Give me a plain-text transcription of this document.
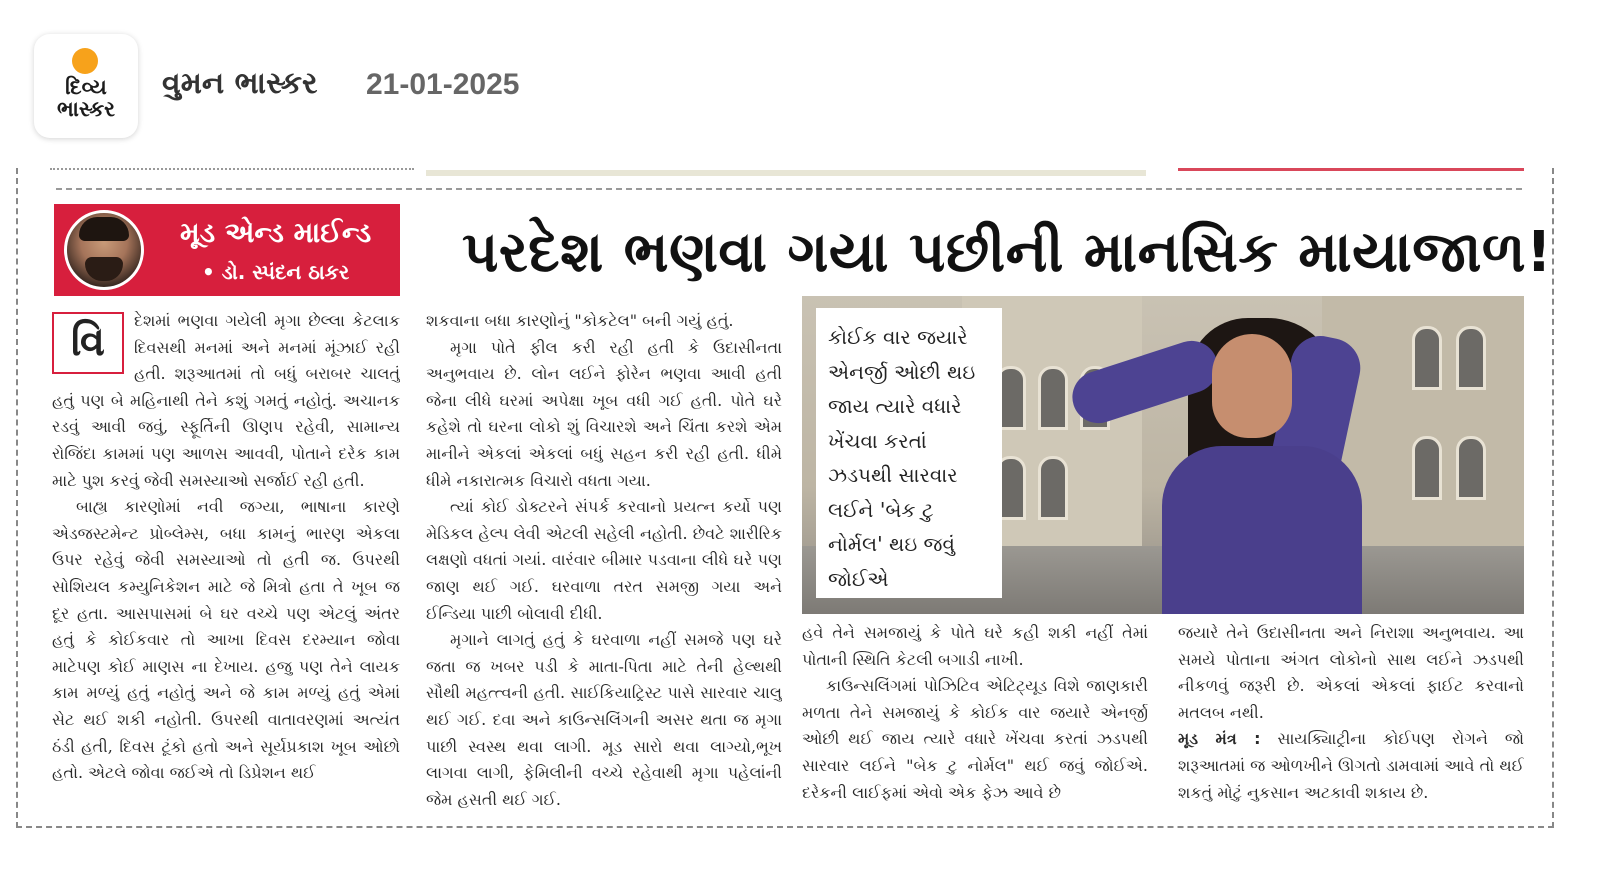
દિવ્ય
ભાસ્કર
વુમન ભાસ્કર 21-01-2025
મૂડ એન્ડ માઈન્ડ
• ડો. સ્પંદન ઠાકર પરદેશ ભણવા ગયા પછીની માનસિક માયાજાળ!
વિ	દેશમાં ભણવા ગયેલી મૃગા છેલ્લા કેટલાક દિવસથી મનમાં અને મનમાં મૂંઝાઈ રહી હતી. શરૂઆતમાં તો બધું બરાબર ચાલતું હતું પણ બે મહિનાથી તેને કશું ગમતું નહોતું. અચાનક રડવું આવી જવું, સ્ફૂર્તિની ઊણપ રહેવી, સામાન્ય રોજિંદા કામમાં પણ આળસ આવવી, પોતાને દરેક કામ માટે પુશ કરવું જેવી સમસ્યાઓ સર્જાઈ રહી હતી.

બાહ્ય કારણોમાં નવી જગ્યા, ભાષાના કારણે એડજસ્ટમેન્ટ પ્રોબ્લેમ્સ, બધા કામનું ભારણ એકલા ઉપર રહેવું જેવી સમસ્યાઓ તો હતી જ. ઉપરથી સોશિયલ કમ્યુનિકેશન માટે જે મિત્રો હતા તે ખૂબ જ દૂર હતા. આસપાસમાં બે ઘર વચ્ચે પણ એટલું અંતર હતું કે કોઈકવાર તો આખા દિવસ દરમ્યાન જોવા માટેપણ કોઈ માણસ ના દેખાય. હજુ પણ તેને લાયક કામ મળ્યું હતું નહોતું અને જે કામ મળ્યું હતું એમાં સેટ થઈ શકી નહોતી. ઉપરથી વાતાવરણમાં અત્યંત ઠંડી હતી, દિવસ ટૂંકો હતો અને સૂર્યપ્રકાશ ખૂબ ઓછો હતો. એટલે જોવા જઈએ તો ડિપ્રેશન થઈ

શકવાના બધા કારણોનું "કોકટેલ" બની ગયું હતું.

મૃગા પોતે ફીલ કરી રહી હતી કે ઉદાસીનતા અનુભવાય છે. લોન લઈને ફોરેન ભણવા આવી હતી જેના લીધે ઘરમાં અપેક્ષા ખૂબ વધી ગઈ હતી. પોતે ઘરે કહેશે તો ઘરના લોકો શું વિચારશે અને ચિંતા કરશે એમ માનીને એકલાં એકલાં બધું સહન કરી રહી હતી. ધીમે ધીમે નકારાત્મક વિચારો વધતા ગયા.

ત્યાં કોઈ ડોક્ટરને સંપર્ક કરવાનો પ્રયત્ન કર્યો પણ મેડિકલ હેલ્પ લેવી એટલી સહેલી નહોતી. છેવટે શારીરિક લક્ષણો વધતાં ગયાં. વારંવાર બીમાર પડવાના લીધે ઘરે પણ જાણ થઈ ગઈ. ઘરવાળા તરત સમજી ગયા અને ઈન્ડિયા પાછી બોલાવી દીધી.

મૃગાને લાગતું હતું કે ઘરવાળા નહીં સમજે પણ ઘરે જતા જ ખબર પડી કે માતા-પિતા માટે તેની હેલ્થથી સૌથી મહત્ત્વની હતી. સાઈકિયાટ્રિસ્ટ પાસે સારવાર ચાલુ થઈ ગઈ. દવા અને કાઉન્સલિંગની અસર થતા જ મૃગા પાછી સ્વસ્થ થવા લાગી. મૂડ સારો થવા લાગ્યો,ભૂખ લાગવા લાગી, ફેમિલીની વચ્ચે રહેવાથી મૃગા પહેલાંની જેમ હસતી થઈ ગઈ.

કોઈક વાર જયારે એનર્જી ઓછી થઇ જાય ત્યારે વધારે ખેંચવા કરતાં ઝડપથી સારવાર લઈને 'બેક ટુ નોર્મલ' થઇ જવું જોઈએ

હવે તેને સમજાયું કે પોતે ઘરે કહી શકી નહીં તેમાં પોતાની સ્થિતિ કેટલી બગાડી નાખી.

કાઉન્સલિંગમાં પોઝિટિવ એટિટ્યૂડ વિશે જાણકારી મળતા તેને સમજાયું કે કોઈક વાર જયારે એનર્જી ઓછી થઈ જાય ત્યારે વધારે ખેંચવા કરતાં ઝડપથી સારવાર લઈને "બેક ટુ નોર્મલ" થઈ જવું જોઈએ. દરેકની લાઈફમાં એવો એક ફેઝ આવે છે

જયારે તેને ઉદાસીનતા અને નિરાશા અનુભવાય. આ સમયે પોતાના અંગત લોકોનો સાથ લઈને ઝડપથી નીકળવું જરૂરી છે. એકલાં એકલાં ફાઈટ કરવાનો મતલબ નથી.

મૂડ મંત્ર : સાયક્યિાટ્રીના કોઈપણ રોગને જો શરૂઆતમાં જ ઓળખીને ઊગતો ડામવામાં આવે તો થઈ શકતું મોટું નુકસાન અટકાવી શકાય છે.
